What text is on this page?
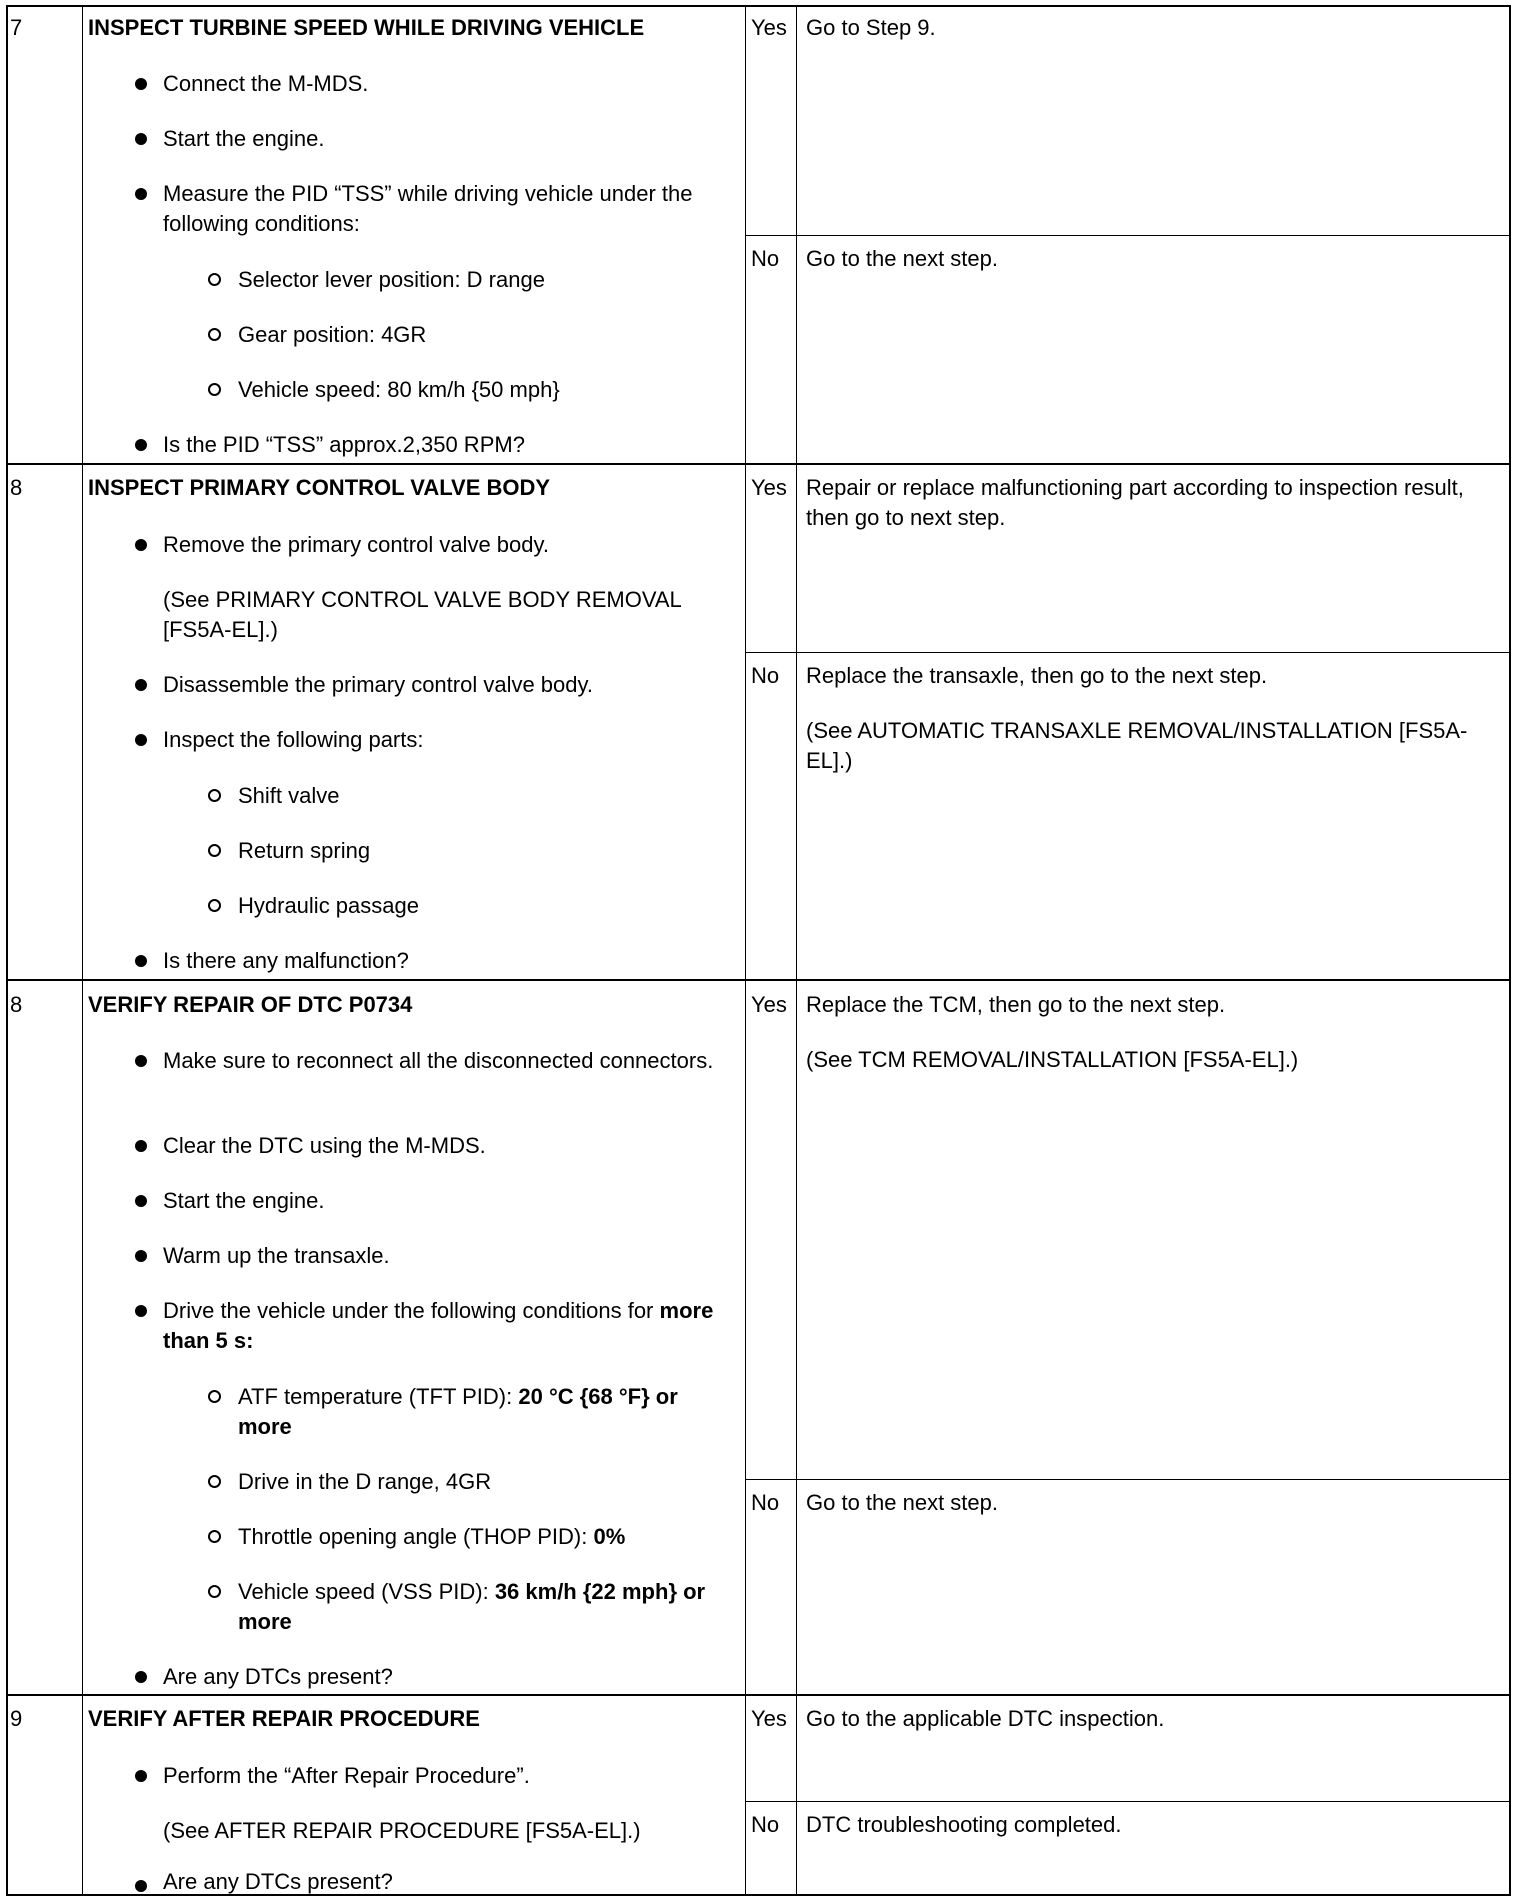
7	INSPECT TURBINE SPEED WHILE DRIVING VEHICLE
Connect the M-MDS.
Start the engine.
Measure the PID “TSS” while driving vehicle under the following conditions:
Selector lever position: D range
Gear position: 4GR
Vehicle speed: 80 km/h {50 mph}
Is the PID “TSS” approx.2,350 RPM?
Yes Go to Step 9.
No Go to the next step.
8	INSPECT PRIMARY CONTROL VALVE BODY
Remove the primary control valve body.
(See PRIMARY CONTROL VALVE BODY REMOVAL [FS5A-EL].)
Disassemble the primary control valve body.
Inspect the following parts:
Shift valve
Return spring
Hydraulic passage
Is there any malfunction?
Yes Repair or replace malfunctioning part according to inspection result, then go to next step.
No Replace the transaxle, then go to the next step.
(See AUTOMATIC TRANSAXLE REMOVAL/INSTALLATION [FS5A-EL].)
8	VERIFY REPAIR OF DTC P0734
Make sure to reconnect all the disconnected connectors.
Clear the DTC using the M-MDS.
Start the engine.
Warm up the transaxle.
Drive the vehicle under the following conditions for more than 5 s:
ATF temperature (TFT PID): 20 °C {68 °F} or more
Drive in the D range, 4GR
Throttle opening angle (THOP PID): 0%
Vehicle speed (VSS PID): 36 km/h {22 mph} or more
Are any DTCs present?
Yes Replace the TCM, then go to the next step.
(See TCM REMOVAL/INSTALLATION [FS5A-EL].)
No Go to the next step.
9	VERIFY AFTER REPAIR PROCEDURE
Perform the “After Repair Procedure”.
(See AFTER REPAIR PROCEDURE [FS5A-EL].)
Are any DTCs present?
Yes Go to the applicable DTC inspection.
No DTC troubleshooting completed.
